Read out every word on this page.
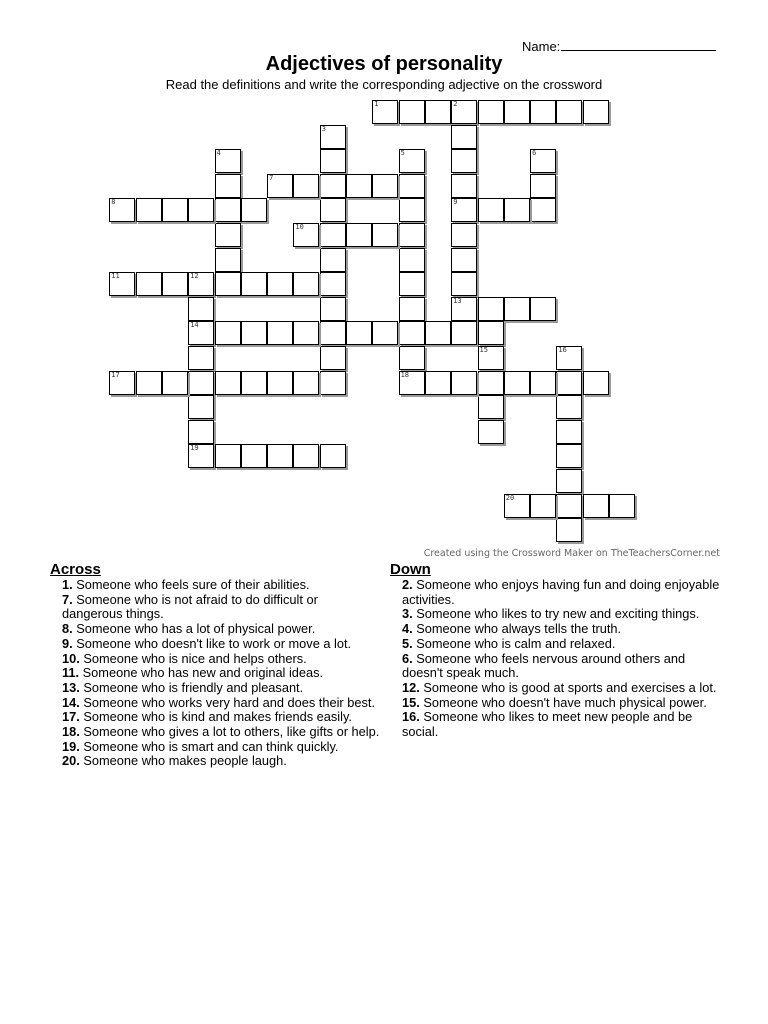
Name:
Adjectives of personality
Read the definitions and write the corresponding adjective on the crossword
1	2
9
13
3
4	5
18
6
7
8
10
11	12
14
15	16
17
19
20
Created using the Crossword Maker on TheTeachersCorner.net
Across
1. Someone who feels sure of their abilities.
7. Someone who is not afraid to do difficult or dangerous things.
8. Someone who has a lot of physical power.
9. Someone who doesn't like to work or move a lot.
10. Someone who is nice and helps others.
11. Someone who has new and original ideas.
13. Someone who is friendly and pleasant.
14. Someone who works very hard and does their best.
17. Someone who is kind and makes friends easily.
18. Someone who gives a lot to others, like gifts or help.
19. Someone who is smart and can think quickly.
20. Someone who makes people laugh.
Down
2. Someone who enjoys having fun and doing enjoyable activities.
3. Someone who likes to try new and exciting things.
4. Someone who always tells the truth.
5. Someone who is calm and relaxed.
6. Someone who feels nervous around others and doesn't speak much.
12. Someone who is good at sports and exercises a lot.
15. Someone who doesn't have much physical power.
16. Someone who likes to meet new people and be social.
